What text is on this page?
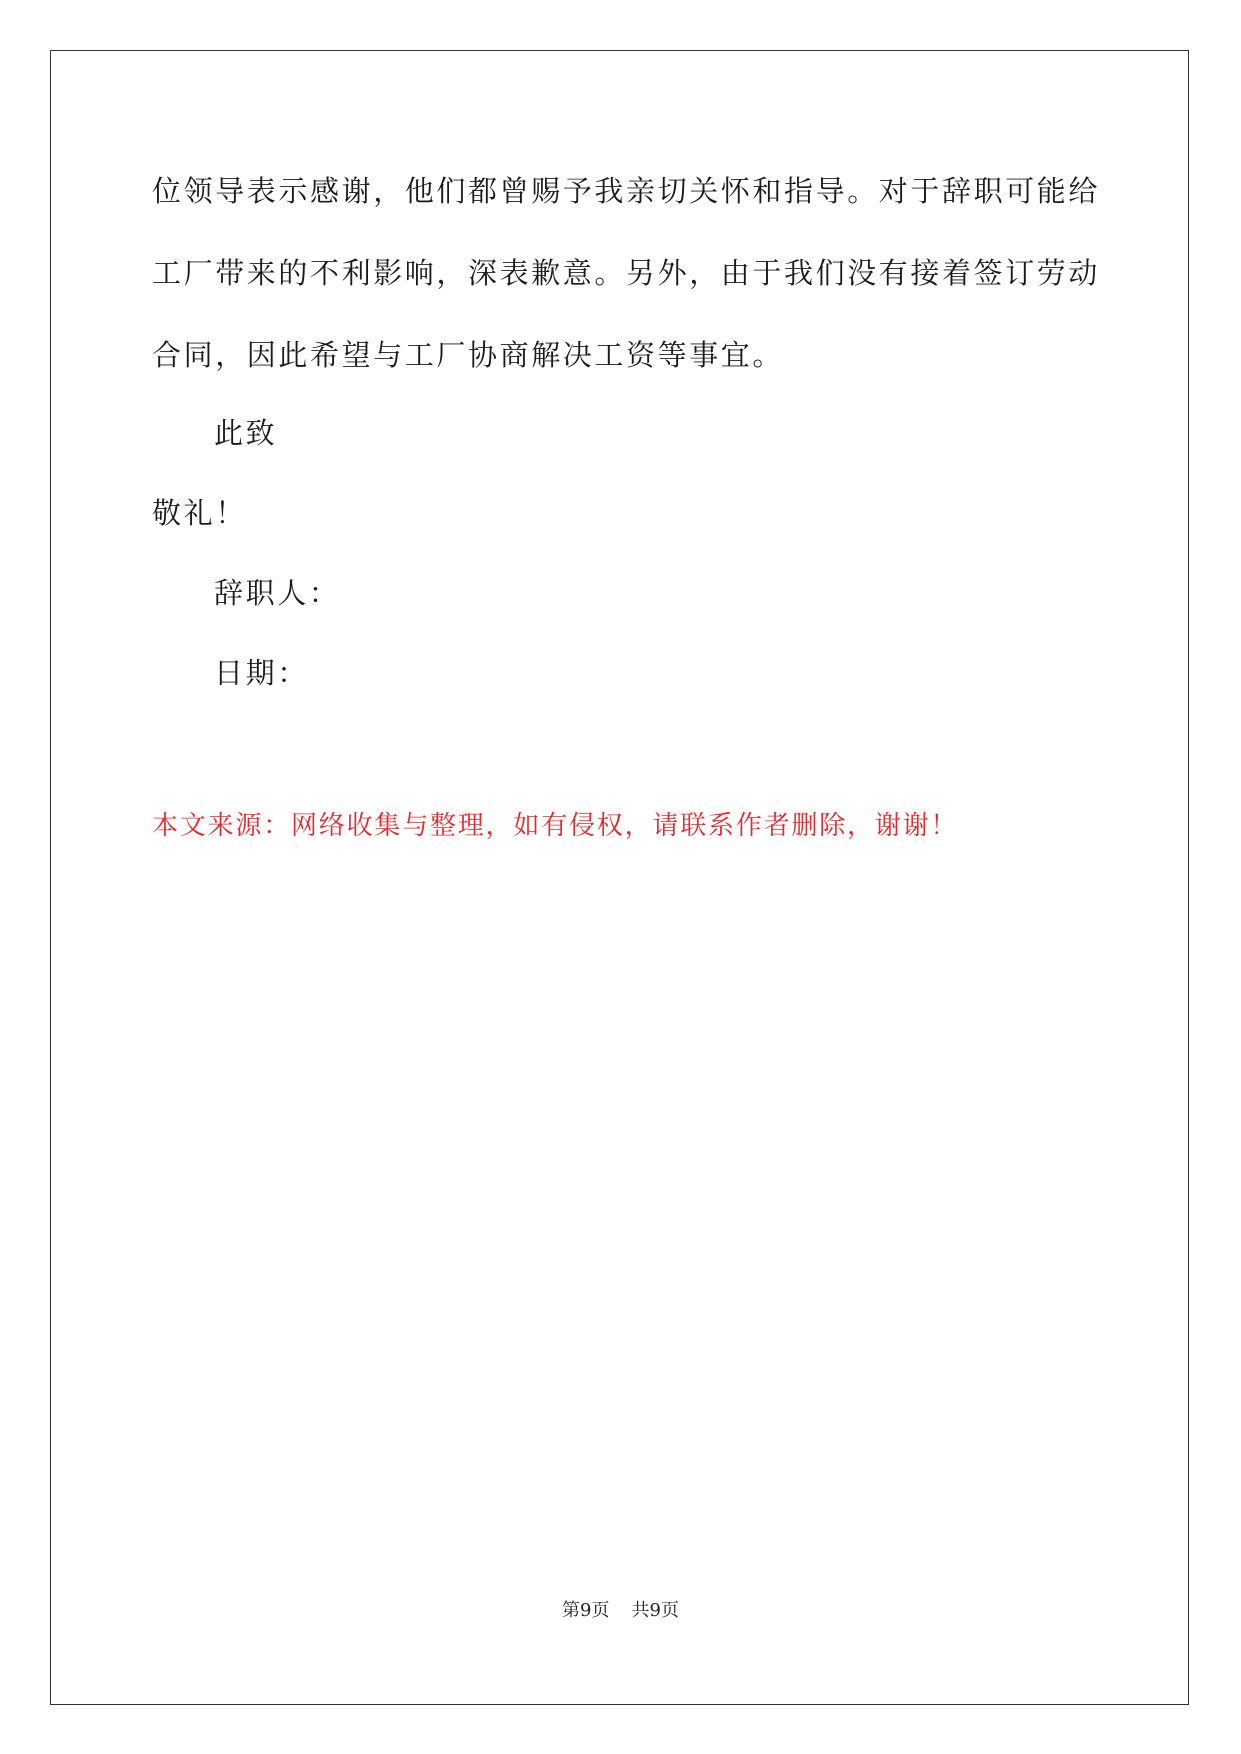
位领导表示感谢，他们都曾赐予我亲切关怀和指导。对于辞职可能给
工厂带来的不利影响，深表歉意。另外，由于我们没有接着签订劳动
合同，因此希望与工厂协商解决工资等事宜。
此致
敬礼！
辞职人：
日期：
本文来源：网络收集与整理，如有侵权，请联系作者删除，谢谢！
第9页 共9页
